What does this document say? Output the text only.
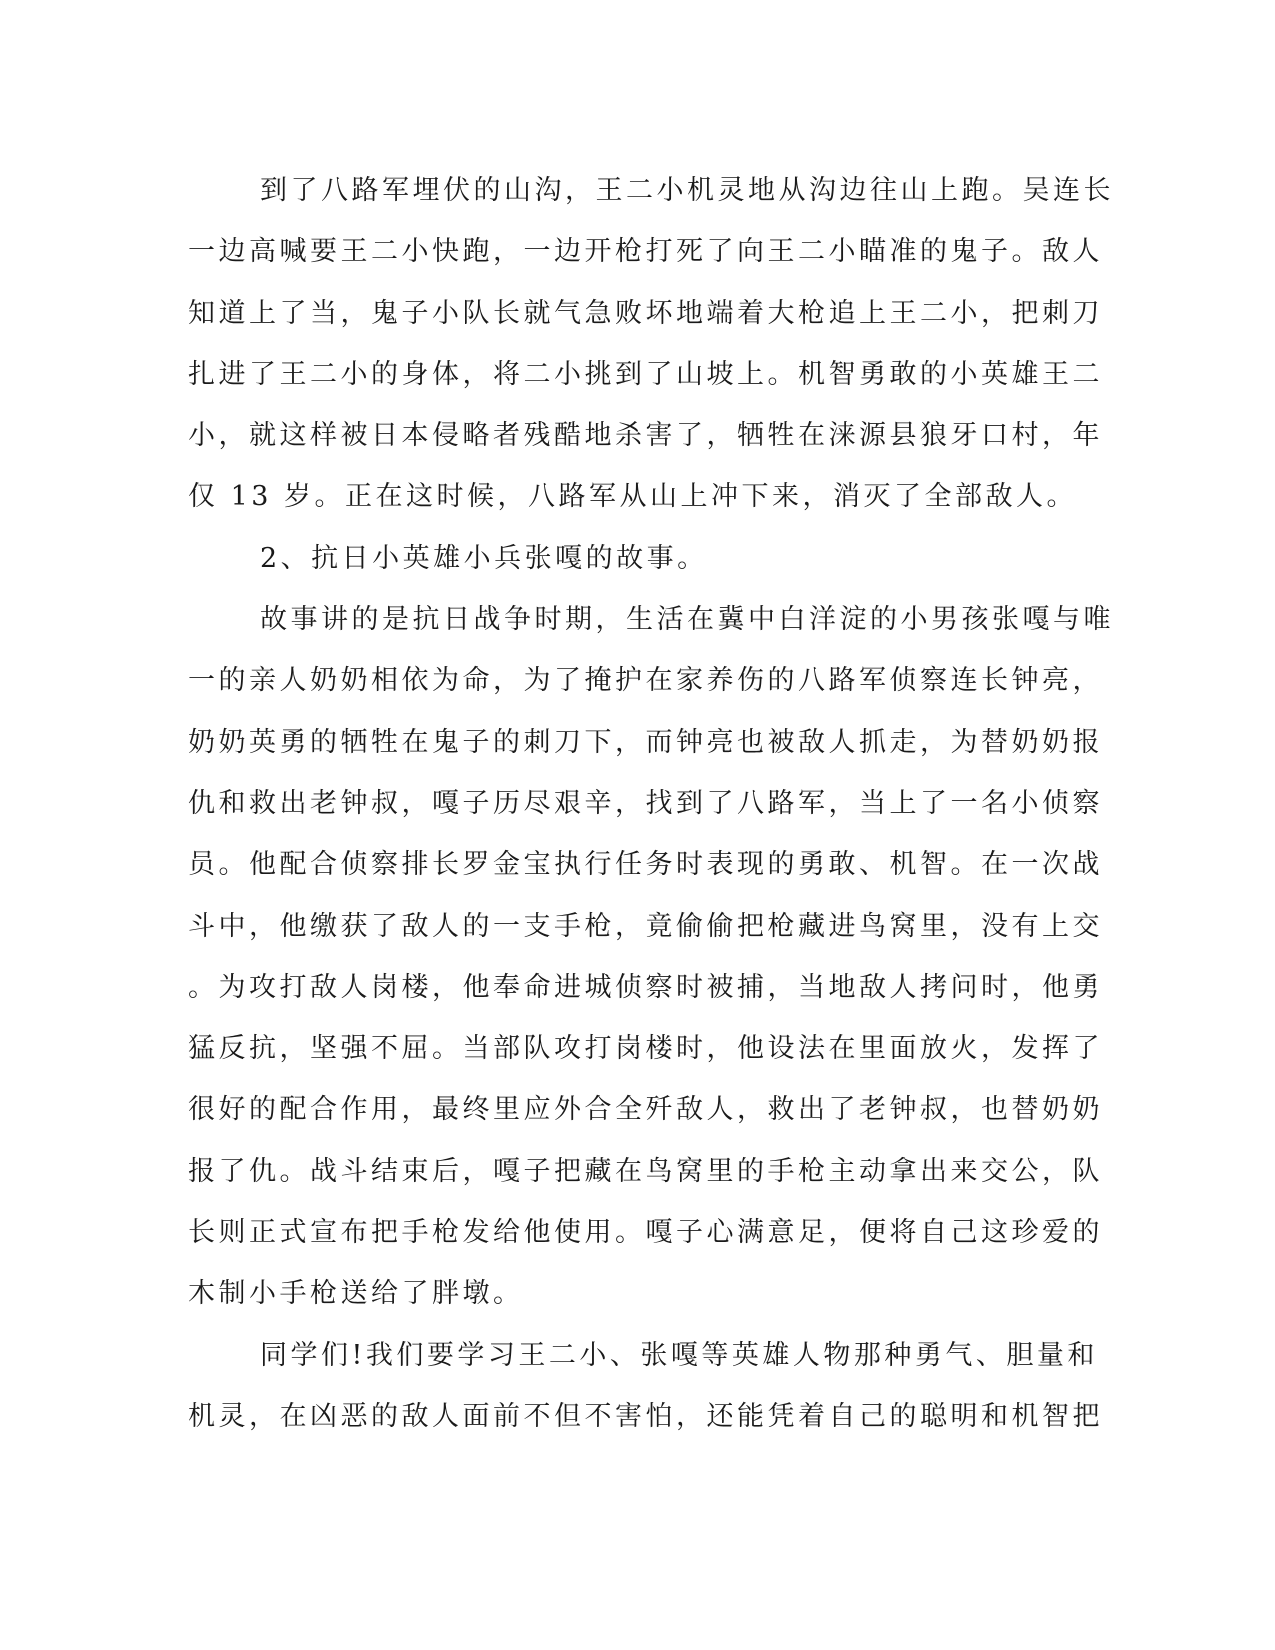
到了八路军埋伏的山沟，王二小机灵地从沟边往山上跑。吴连长
一边高喊要王二小快跑，一边开枪打死了向王二小瞄准的鬼子。敌人
知道上了当，鬼子小队长就气急败坏地端着大枪追上王二小，把刺刀
扎进了王二小的身体，将二小挑到了山坡上。机智勇敢的小英雄王二
小，就这样被日本侵略者残酷地杀害了，牺牲在涞源县狼牙口村，年
仅 13 岁。正在这时候，八路军从山上冲下来，消灭了全部敌人。
2、抗日小英雄小兵张嘎的故事。
故事讲的是抗日战争时期，生活在冀中白洋淀的小男孩张嘎与唯
一的亲人奶奶相依为命，为了掩护在家养伤的八路军侦察连长钟亮，
奶奶英勇的牺牲在鬼子的刺刀下，而钟亮也被敌人抓走，为替奶奶报
仇和救出老钟叔，嘎子历尽艰辛，找到了八路军，当上了一名小侦察
员。他配合侦察排长罗金宝执行任务时表现的勇敢、机智。在一次战
斗中，他缴获了敌人的一支手枪，竟偷偷把枪藏进鸟窝里，没有上交
。为攻打敌人岗楼，他奉命进城侦察时被捕，当地敌人拷问时，他勇
猛反抗，坚强不屈。当部队攻打岗楼时，他设法在里面放火，发挥了
很好的配合作用，最终里应外合全歼敌人，救出了老钟叔，也替奶奶
报了仇。战斗结束后，嘎子把藏在鸟窝里的手枪主动拿出来交公，队
长则正式宣布把手枪发给他使用。嘎子心满意足，便将自己这珍爱的
木制小手枪送给了胖墩。
同学们!我们要学习王二小、张嘎等英雄人物那种勇气、胆量和
机灵，在凶恶的敌人面前不但不害怕，还能凭着自己的聪明和机智把
